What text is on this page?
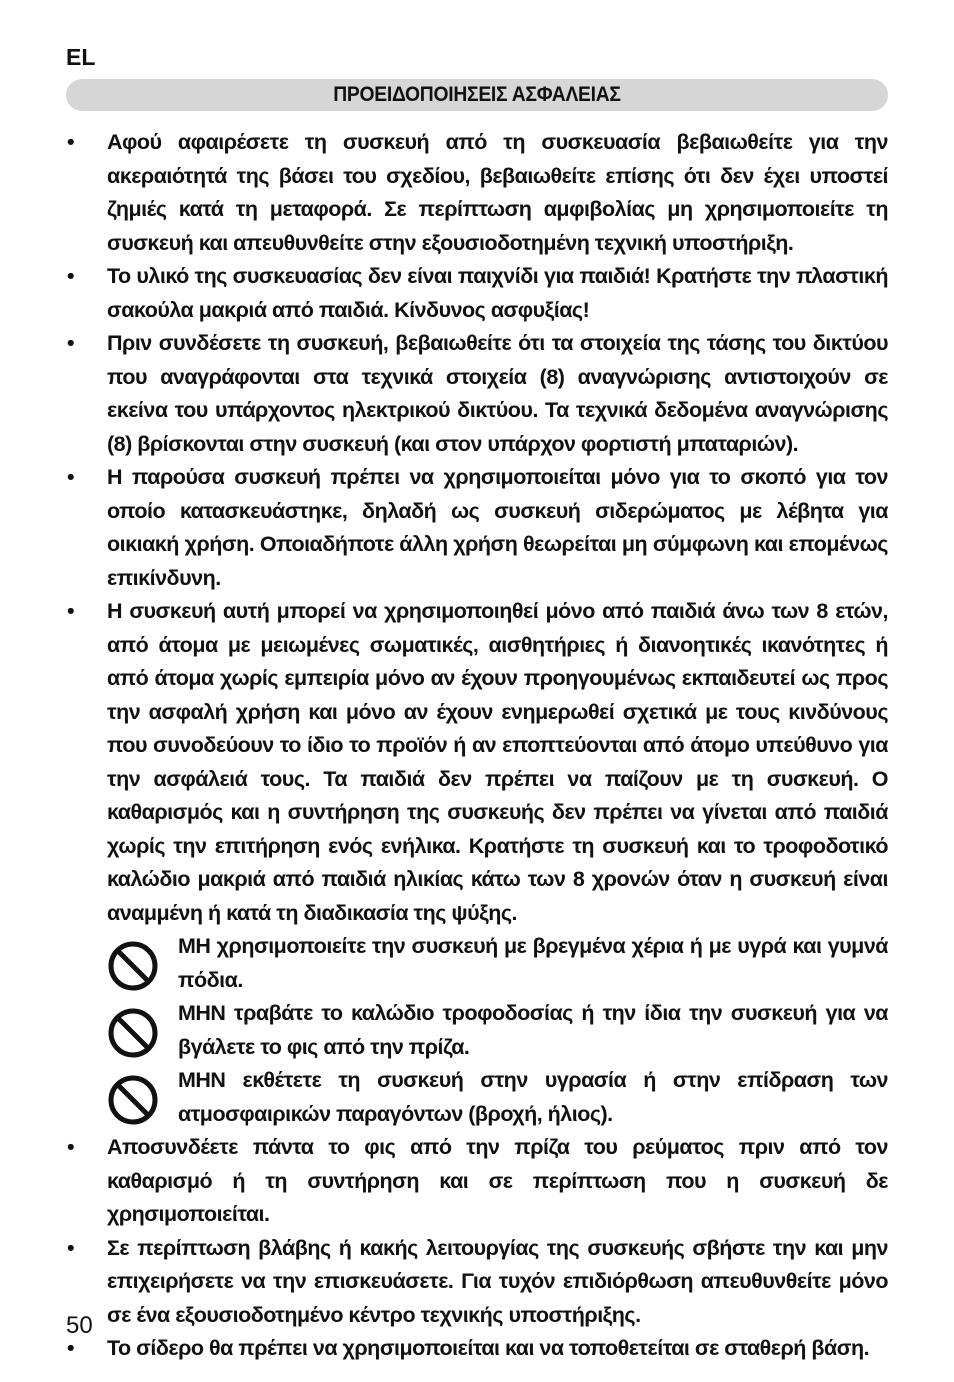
EL
ΠΡΟΕΙΔΟΠΟΙΗΣΕΙΣ ΑΣΦΑΛΕΙΑΣ
•	Αφού αφαιρέσετε τη συσκευή από τη συσκευασία βεβαιωθείτε για την ακεραιότητά της βάσει του σχεδίου, βεβαιωθείτε επίσης ότι δεν έχει υποστεί ζημιές κατά τη μεταφορά. Σε περίπτωση αμφιβολίας μη χρησιμοποιείτε τη συσκευή και απευθυνθείτε στην εξουσιοδοτημένη τεχνική υποστήριξη.
•	Το υλικό της συσκευασίας δεν είναι παιχνίδι για παιδιά! Κρατήστε την πλαστική σακούλα μακριά από παιδιά. Κίνδυνος ασφυξίας!
•	Πριν συνδέσετε τη συσκευή, βεβαιωθείτε ότι τα στοιχεία της τάσης του δικτύου που αναγράφονται στα τεχνικά στοιχεία (8) αναγνώρισης αντιστοιχούν σε εκείνα του υπάρχοντος ηλεκτρικού δικτύου. Τα τεχνικά δεδομένα αναγνώρισης (8) βρίσκονται στην συσκευή (και στον υπάρχον φορτιστή μπαταριών).
•	Η παρούσα συσκευή πρέπει να χρησιμοποιείται μόνο για το σκοπό για τον οποίο κατασκευάστηκε, δηλαδή ως συσκευή σιδερώματος με λέβητα για οικιακή χρήση. Οποιαδήποτε άλλη χρήση θεωρείται μη σύμφωνη και επομένως επικίνδυνη.
•	Η συσκευή αυτή μπορεί να χρησιμοποιηθεί μόνο από παιδιά άνω των 8 ετών, από άτομα με μειωμένες σωματικές, αισθητήριες ή διανοητικές ικανότητες ή από άτομα χωρίς εμπειρία μόνο αν έχουν προηγουμένως εκπαιδευτεί ως προς την ασφαλή χρήση και μόνο αν έχουν ενημερωθεί σχετικά με τους κινδύνους που συνοδεύουν το ίδιο το προϊόν ή αν εποπτεύονται από άτομο υπεύθυνο για την ασφάλειά τους. Τα παιδιά δεν πρέπει να παίζουν με τη συσκευή. Ο καθαρισμός και η συντήρηση της συσκευής δεν πρέπει να γίνεται από παιδιά χωρίς την επιτήρηση ενός ενήλικα. Κρατήστε τη συσκευή και το τροφοδοτικό καλώδιο μακριά από παιδιά ηλικίας κάτω των 8 χρονών όταν η συσκευή είναι αναμμένη ή κατά τη διαδικασία της ψύξης.
ΜΗ χρησιμοποιείτε την συσκευή με βρεγμένα χέρια ή με υγρά και γυμνά πόδια.
ΜΗΝ τραβάτε το καλώδιο τροφοδοσίας ή την ίδια την συσκευή για να βγάλετε το φις από την πρίζα.
ΜΗΝ εκθέτετε τη συσκευή στην υγρασία ή στην επίδραση των ατμοσφαιρικών παραγόντων (βροχή, ήλιος).
•	Αποσυνδέετε πάντα το φις από την πρίζα του ρεύματος πριν από τον καθαρισμό ή τη συντήρηση και σε περίπτωση που η συσκευή δε χρησιμοποιείται.
•	Σε περίπτωση βλάβης ή κακής λειτουργίας της συσκευής σβήστε την και μην επιχειρήσετε να την επισκευάσετε. Για τυχόν επιδιόρθωση απευθυνθείτε μόνο σε ένα εξουσιοδοτημένο κέντρο τεχνικής υποστήριξης.
•	Το σίδερο θα πρέπει να χρησιμοποιείται και να τοποθετείται σε σταθερή βάση.
50
